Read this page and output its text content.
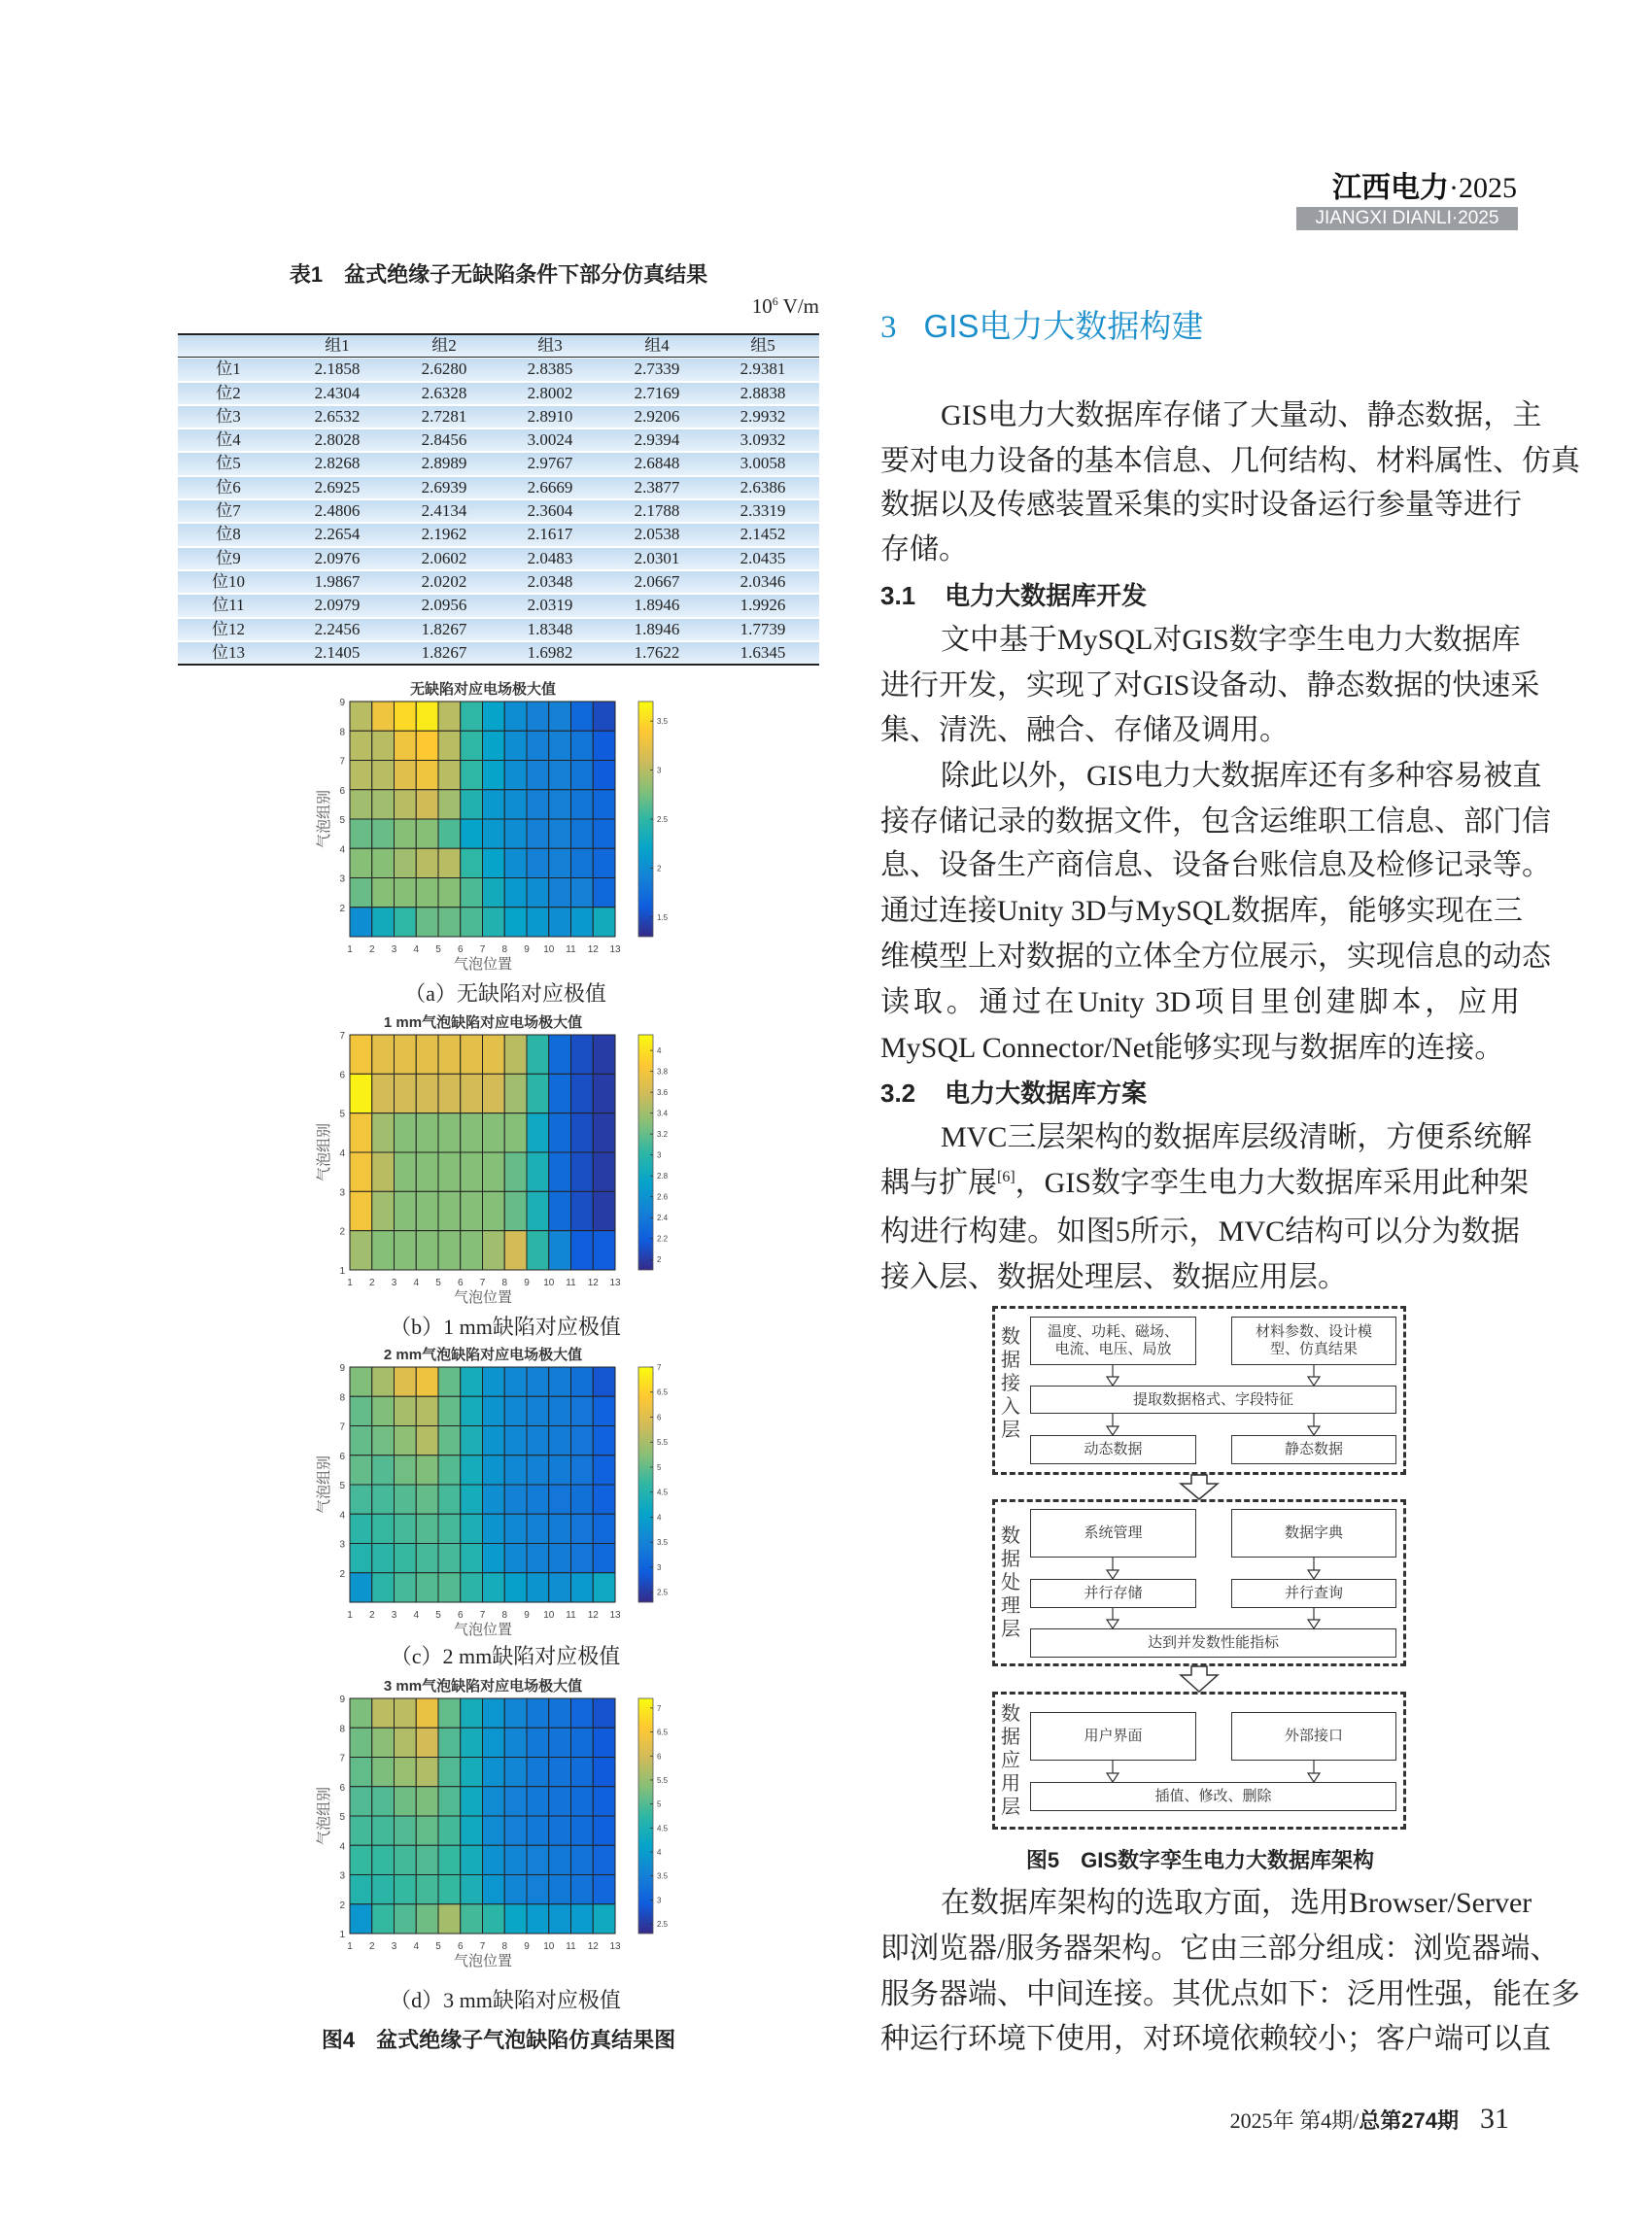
江西电力·2025
JIANGXI DIANLI·2025
表1　盆式绝缘子无缺陷条件下部分仿真结果
$10^6$ V/m
组1	组2	组3	组4	组5
位1	2.1858	2.6280	2.8385	2.7339	2.9381
位2	2.4304	2.6328	2.8002	2.7169	2.8838
位3	2.6532	2.7281	2.8910	2.9206	2.9932
位4	2.8028	2.8456	3.0024	2.9394	3.0932
位5	2.8268	2.8989	2.9767	2.6848	3.0058
位6	2.6925	2.6939	2.6669	2.3877	2.6386
位7	2.4806	2.4134	2.3604	2.1788	2.3319
位8	2.2654	2.1962	2.1617	2.0538	2.1452
位9	2.0976	2.0602	2.0483	2.0301	2.0435
位10	1.9867	2.0202	2.0348	2.0667	2.0346
位11	2.0979	2.0956	2.0319	1.8946	1.9926
位12	2.2456	1.8267	1.8348	1.8946	1.7739
位13	2.1405	1.8267	1.6982	1.7622	1.6345
无缺陷对应电场极大值
1 2 3 4 5 6 7 8 9 10 11 12 13
2
3
4
5
6
7
8
9
气泡位置
气泡组别
1.5
2
2.5
3
3.5
（a）无缺陷对应极值
1 mm气泡缺陷对应电场极大值
1 2 3 4 5 6 7 8 9 10 11 12 13
1
2
3
4
5
6
7
气泡位置
气泡组别
2
2.2
2.4
2.6
2.8
3
3.2
3.4
3.6
3.8
4
（b）1 mm缺陷对应极值
2 mm气泡缺陷对应电场极大值
1 2 3 4 5 6 7 8 9 10 11 12 13
2
3
4
5
6
7
8
9
气泡位置
气泡组别
2.5
3
3.5
4
4.5
5
5.5
6
6.5
7
（c）2 mm缺陷对应极值
3 mm气泡缺陷对应电场极大值
1 2 3 4 5 6 7 8 9 10 11 12 13
1
2
3
4
5
6
7
8
9
气泡位置
气泡组别
2.5
3
3.5
4
4.5
5
5.5
6
6.5
7
（d）3 mm缺陷对应极值
图4　盆式绝缘子气泡缺陷仿真结果图
3 GIS电力大数据构建
3.1 电力大数据库开发
3.2 电力大数据库方案
GIS电力大数据库存储了大量动、静态数据，主
要对电力设备的基本信息、几何结构、材料属性、仿真
数据以及传感装置采集的实时设备运行参量等进行
存储。
文中基于MySQL对GIS数字孪生电力大数据库
进行开发，实现了对GIS设备动、静态数据的快速采
集、清洗、融合、存储及调用。
除此以外，GIS电力大数据库还有多种容易被直
接存储记录的数据文件，包含运维职工信息、部门信
息、设备生产商信息、设备台账信息及检修记录等。
通过连接Unity 3D与MySQL数据库，能够实现在三
维模型上对数据的立体全方位展示，实现信息的动态
读取。通过在Unity 3D项目里创建脚本，应用
MySQL Connector/Net能够实现与数据库的连接。
MVC三层架构的数据库层级清晰，方便系统解
耦与扩展[6]，GIS数字孪生电力大数据库采用此种架
构进行构建。如图5所示，MVC结构可以分为数据
接入层、数据处理层、数据应用层。
在数据库架构的选取方面，选用Browser/Server
即浏览器/服务器架构。它由三部分组成：浏览器端、
服务器端、中间连接。其优点如下：泛用性强，能在多
种运行环境下使用，对环境依赖较小；客户端可以直
数据接入层
数据处理层
数据应用层
温度、功耗、磁场、电流、电压、局放
材料参数、设计模型、仿真结果
提取数据格式、字段特征
动态数据	静态数据
系统管理	数据字典
并行存储	并行查询
达到并发数性能指标
用户界面	外部接口
插值、修改、删除
图5　GIS数字孪生电力大数据库架构
2025年 第4期/总第274期 31
